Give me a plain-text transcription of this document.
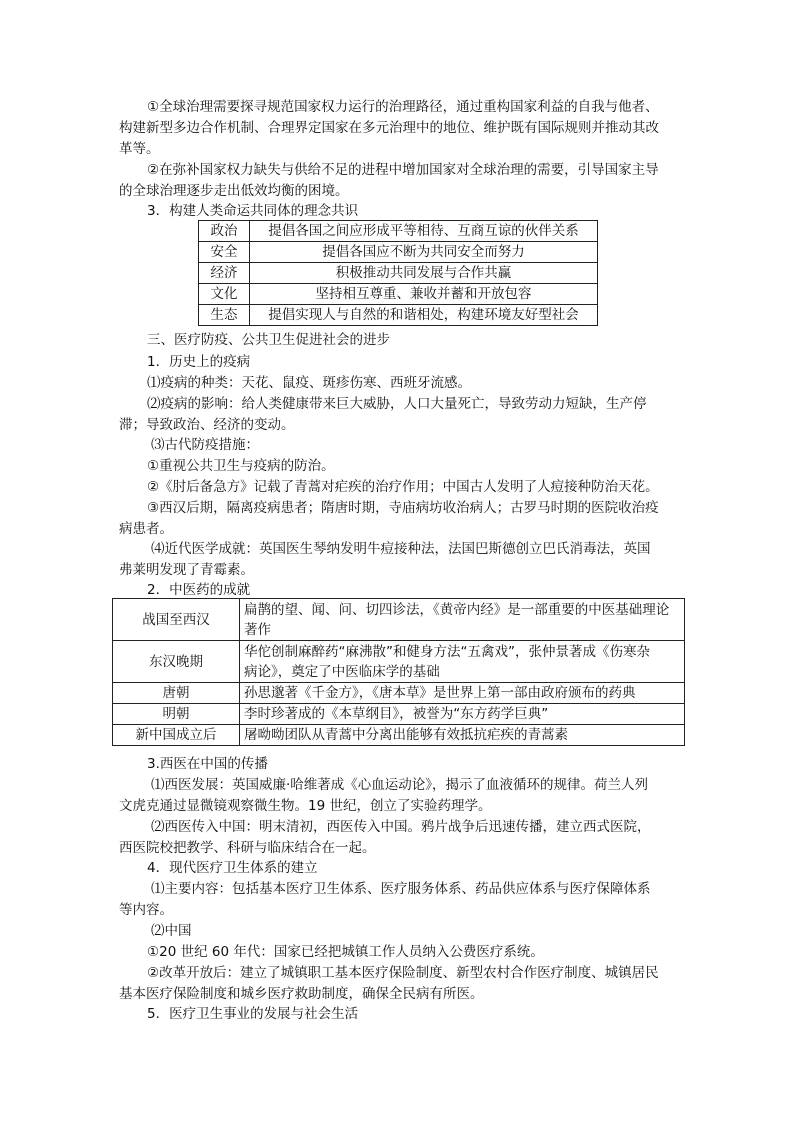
①全球治理需要探寻规范国家权力运行的治理路径，通过重构国家利益的自我与他者、

构建新型多边合作机制、合理界定国家在多元治理中的地位、维护既有国际规则并推动其改

革等。

②在弥补国家权力缺失与供给不足的进程中增加国家对全球治理的需要，引导国家主导

的全球治理逐步走出低效均衡的困境。

3．构建人类命运共同体的理念共识

政治	提倡各国之间应形成平等相待、互商互谅的伙伴关系
安全	提倡各国应不断为共同安全而努力
经济	积极推动共同发展与合作共赢
文化	坚持相互尊重、兼收并蓄和开放包容
生态	提倡实现人与自然的和谐相处，构建环境友好型社会

三、医疗防疫、公共卫生促进社会的进步

1．历史上的疫病

⑴疫病的种类：天花、鼠疫、斑疹伤寒、西班牙流感。

⑵疫病的影响：给人类健康带来巨大威胁，人口大量死亡，导致劳动力短缺，生产停

滞；导致政治、经济的变动。

⑶古代防疫措施：

①重视公共卫生与疫病的防治。

②《肘后备急方》记载了青蒿对疟疾的治疗作用；中国古人发明了人痘接种防治天花。

③西汉后期，隔离疫病患者；隋唐时期，寺庙病坊收治病人；古罗马时期的医院收治疫

病患者。

⑷近代医学成就：英国医生琴纳发明牛痘接种法，法国巴斯德创立巴氏消毒法，英国

弗莱明发现了青霉素。

2．中医药的成就

战国至西汉	扁鹊的望、闻、问、切四诊法，《黄帝内经》是一部重要的中医基础理论
著作

东汉晚期	华佗创制麻醉药“麻沸散”和健身方法“五禽戏”，张仲景著成《伤寒杂
病论》，奠定了中医临床学的基础

唐朝	孙思邈著《千金方》，《唐本草》是世界上第一部由政府颁布的药典

明朝	李时珍著成的《本草纲目》，被誉为“东方药学巨典”

新中国成立后	屠呦呦团队从青蒿中分离出能够有效抵抗疟疾的青蒿素

3.西医在中国的传播

⑴西医发展：英国威廉·哈维著成《心血运动论》，揭示了血液循环的规律。荷兰人列

文虎克通过显微镜观察微生物。19 世纪，创立了实验药理学。

⑵西医传入中国：明末清初，西医传入中国。鸦片战争后迅速传播，建立西式医院，

西医院校把教学、科研与临床结合在一起。

4．现代医疗卫生体系的建立

⑴主要内容：包括基本医疗卫生体系、医疗服务体系、药品供应体系与医疗保障体系

等内容。

⑵中国

①20 世纪 60 年代：国家已经把城镇工作人员纳入公费医疗系统。

②改革开放后：建立了城镇职工基本医疗保险制度、新型农村合作医疗制度、城镇居民

基本医疗保险制度和城乡医疗救助制度，确保全民病有所医。

5．医疗卫生事业的发展与社会生活
